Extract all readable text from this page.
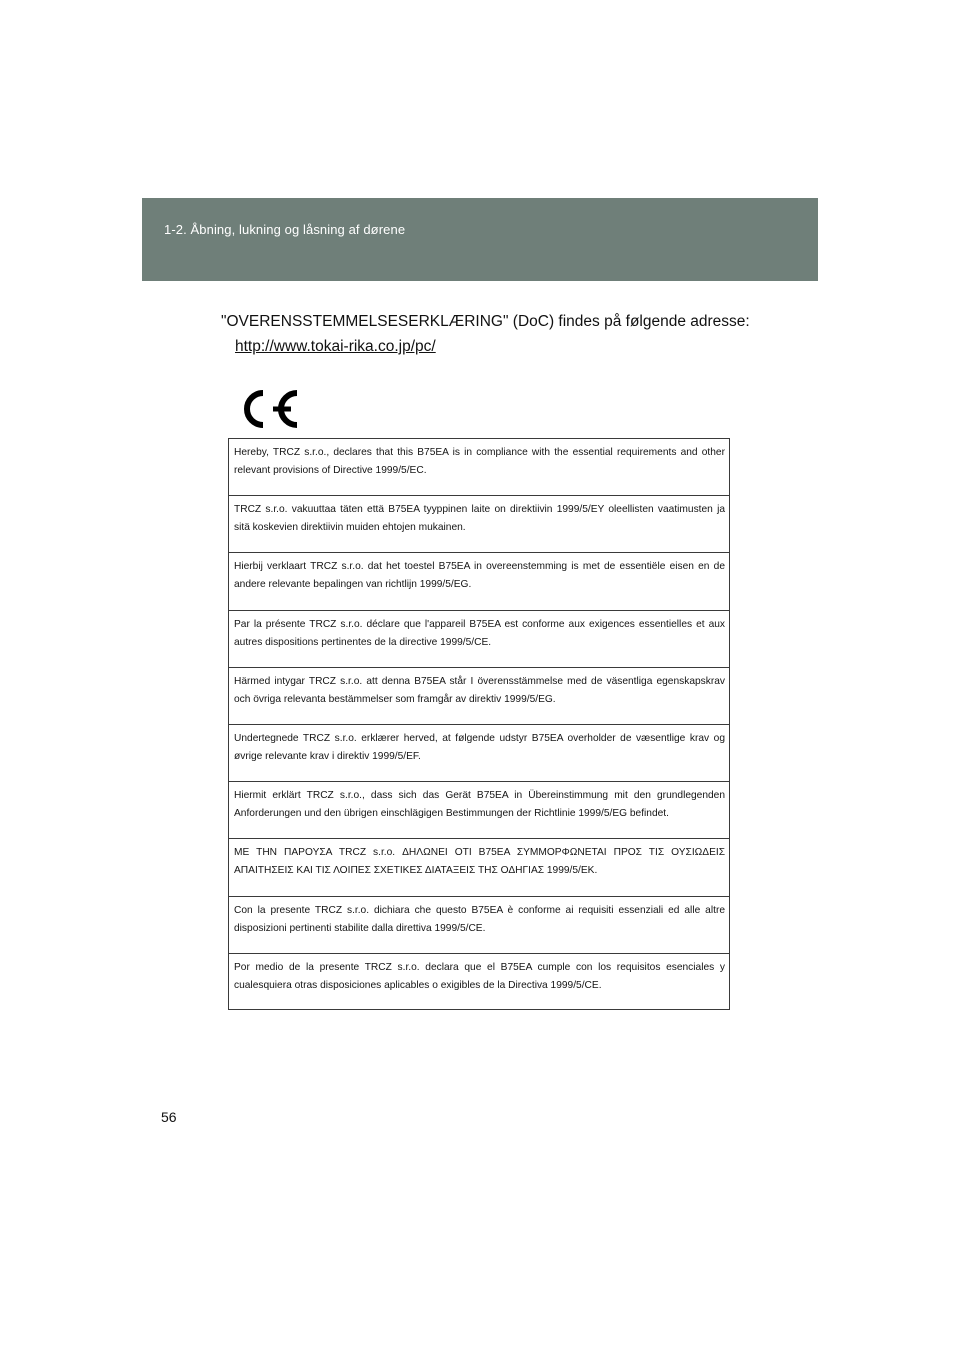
1-2. Åbning, lukning og låsning af dørene
"OVERENSSTEMMELSESERKLÆRING" (DoC) findes på følgende adresse:
http://www.tokai-rika.co.jp/pc/
Hereby, TRCZ s.r.o., declares that this B75EA is in compliance with the essential requirements and other relevant provisions of Directive 1999/5/EC.
TRCZ s.r.o. vakuuttaa täten että B75EA tyyppinen laite on direktiivin 1999/5/EY oleellisten vaatimusten ja sitä koskevien direktiivin muiden ehtojen mukainen.
Hierbij verklaart TRCZ s.r.o. dat het toestel B75EA in overeenstemming is met de essentiële eisen en de andere relevante bepalingen van richtlijn 1999/5/EG.
Par la présente TRCZ s.r.o. déclare que l'appareil B75EA est conforme aux exigences essentielles et aux autres dispositions pertinentes de la directive 1999/5/CE.
Härmed intygar TRCZ s.r.o. att denna B75EA står I överensstämmelse med de väsentliga egenskapskrav och övriga relevanta bestämmelser som framgår av direktiv 1999/5/EG.
Undertegnede TRCZ s.r.o. erklærer herved, at følgende udstyr B75EA overholder de væsentlige krav og øvrige relevante krav i direktiv 1999/5/EF.
Hiermit erklärt TRCZ s.r.o., dass sich das Gerät B75EA in Übereinstimmung mit den grundlegenden Anforderungen und den übrigen einschlägigen Bestimmungen der Richtlinie 1999/5/EG befindet.
ΜΕ ΤΗΝ ΠΑΡΟΥΣΑ TRCZ s.r.o. ΔΗΛΩΝΕΙ ΟΤΙ B75EA ΣΥΜΜΟΡΦΩΝΕΤΑΙ ΠΡΟΣ ΤΙΣ ΟΥΣΙΩΔΕΙΣ ΑΠΑΙΤΗΣΕΙΣ ΚΑΙ ΤΙΣ ΛΟΙΠΕΣ ΣΧΕΤΙΚΕΣ ΔΙΑΤΑΞΕΙΣ ΤΗΣ ΟΔΗΓΙΑΣ 1999/5/ΕΚ.
Con la presente TRCZ s.r.o. dichiara che questo B75EA è conforme ai requisiti essenziali ed alle altre disposizioni pertinenti stabilite dalla direttiva 1999/5/CE.
Por medio de la presente TRCZ s.r.o. declara que el B75EA cumple con los requisitos esenciales y cualesquiera otras disposiciones aplicables o exigibles de la Directiva 1999/5/CE.
56
